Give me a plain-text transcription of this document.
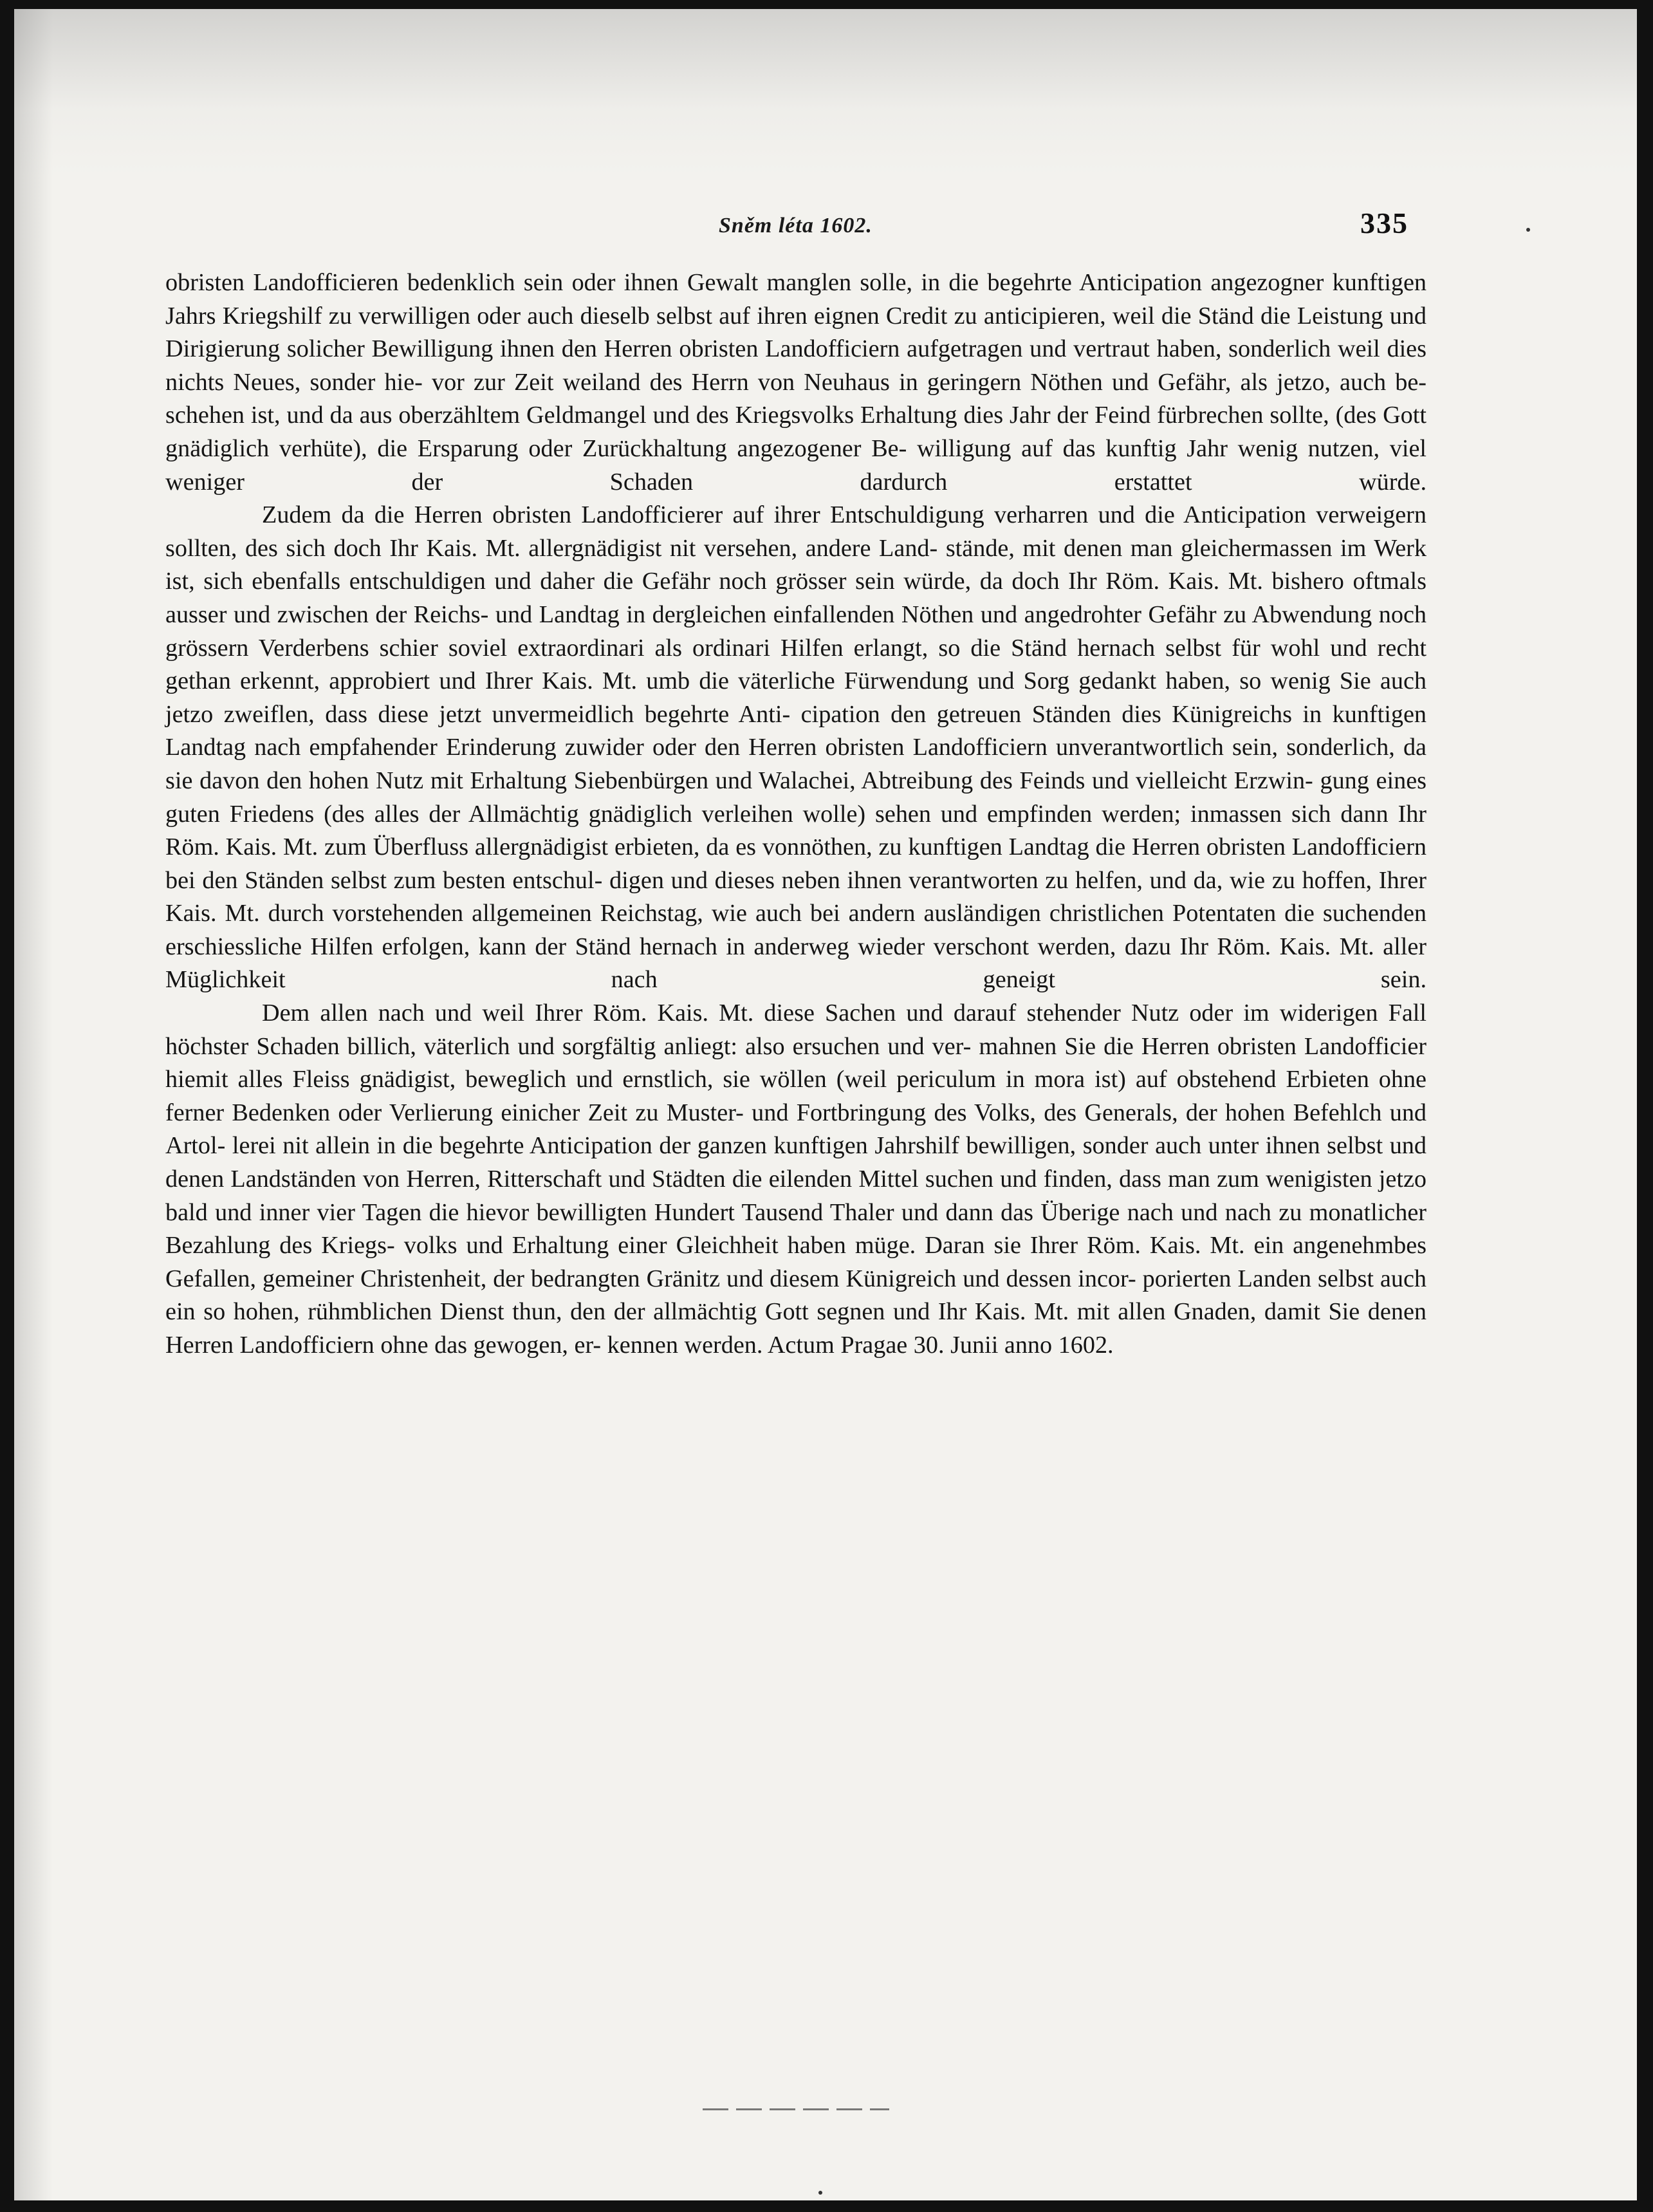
Sněm léta 1602.	335

obristen Landofficieren bedenklich sein oder ihnen Gewalt manglen solle, in die begehrte Anticipation angezogner kunftigen Jahrs Kriegshilf zu verwilligen oder auch dieselb selbst auf ihren eignen Credit zu anticipieren, weil die Ständ die Leistung und Dirigierung solicher Bewilligung ihnen den Herren obristen Landofficiern aufgetragen und vertraut haben, sonderlich weil dies nichts Neues, sonder hie- vor zur Zeit weiland des Herrn von Neuhaus in geringern Nöthen und Gefähr, als jetzo, auch be- schehen ist, und da aus oberzähltem Geldmangel und des Kriegsvolks Erhaltung dies Jahr der Feind fürbrechen sollte, (des Gott gnädiglich verhüte), die Ersparung oder Zurückhaltung angezogener Be- willigung auf das kunftig Jahr wenig nutzen, viel weniger der Schaden dardurch erstattet würde.

Zudem da die Herren obristen Landofficierer auf ihrer Entschuldigung verharren und die Anticipation verweigern sollten, des sich doch Ihr Kais. Mt. allergnädigist nit versehen, andere Land- stände, mit denen man gleichermassen im Werk ist, sich ebenfalls entschuldigen und daher die Gefähr noch grösser sein würde, da doch Ihr Röm. Kais. Mt. bishero oftmals ausser und zwischen der Reichs- und Landtag in dergleichen einfallenden Nöthen und angedrohter Gefähr zu Abwendung noch grössern Verderbens schier soviel extraordinari als ordinari Hilfen erlangt, so die Ständ hernach selbst für wohl und recht gethan erkennt, approbiert und Ihrer Kais. Mt. umb die väterliche Fürwendung und Sorg gedankt haben, so wenig Sie auch jetzo zweiflen, dass diese jetzt unvermeidlich begehrte Anti- cipation den getreuen Ständen dies Künigreichs in kunftigen Landtag nach empfahender Erinderung zuwider oder den Herren obristen Landofficiern unverantwortlich sein, sonderlich, da sie davon den hohen Nutz mit Erhaltung Siebenbürgen und Walachei, Abtreibung des Feinds und vielleicht Erzwin- gung eines guten Friedens (des alles der Allmächtig gnädiglich verleihen wolle) sehen und empfinden werden; inmassen sich dann Ihr Röm. Kais. Mt. zum Überfluss allergnädigist erbieten, da es vonnöthen, zu kunftigen Landtag die Herren obristen Landofficiern bei den Ständen selbst zum besten entschul- digen und dieses neben ihnen verantworten zu helfen, und da, wie zu hoffen, Ihrer Kais. Mt. durch vorstehenden allgemeinen Reichstag, wie auch bei andern ausländigen christlichen Potentaten die suchenden erschiessliche Hilfen erfolgen, kann der Ständ hernach in anderweg wieder verschont werden, dazu Ihr Röm. Kais. Mt. aller Müglichkeit nach geneigt sein.

Dem allen nach und weil Ihrer Röm. Kais. Mt. diese Sachen und darauf stehender Nutz oder im widerigen Fall höchster Schaden billich, väterlich und sorgfältig anliegt: also ersuchen und ver- mahnen Sie die Herren obristen Landofficier hiemit alles Fleiss gnädigist, beweglich und ernstlich, sie wöllen (weil periculum in mora ist) auf obstehend Erbieten ohne ferner Bedenken oder Verlierung einicher Zeit zu Muster- und Fortbringung des Volks, des Generals, der hohen Befehlch und Artol- lerei nit allein in die begehrte Anticipation der ganzen kunftigen Jahrshilf bewilligen, sonder auch unter ihnen selbst und denen Landständen von Herren, Ritterschaft und Städten die eilenden Mittel suchen und finden, dass man zum wenigisten jetzo bald und inner vier Tagen die hievor bewilligten Hundert Tausend Thaler und dann das Überige nach und nach zu monatlicher Bezahlung des Kriegs- volks und Erhaltung einer Gleichheit haben müge. Daran sie Ihrer Röm. Kais. Mt. ein angenehmbes Gefallen, gemeiner Christenheit, der bedrangten Gränitz und diesem Künigreich und dessen incor- porierten Landen selbst auch ein so hohen, rühmblichen Dienst thun, den der allmächtig Gott segnen und Ihr Kais. Mt. mit allen Gnaden, damit Sie denen Herren Landofficiern ohne das gewogen, er- kennen werden. Actum Pragae 30. Junii anno 1602.
